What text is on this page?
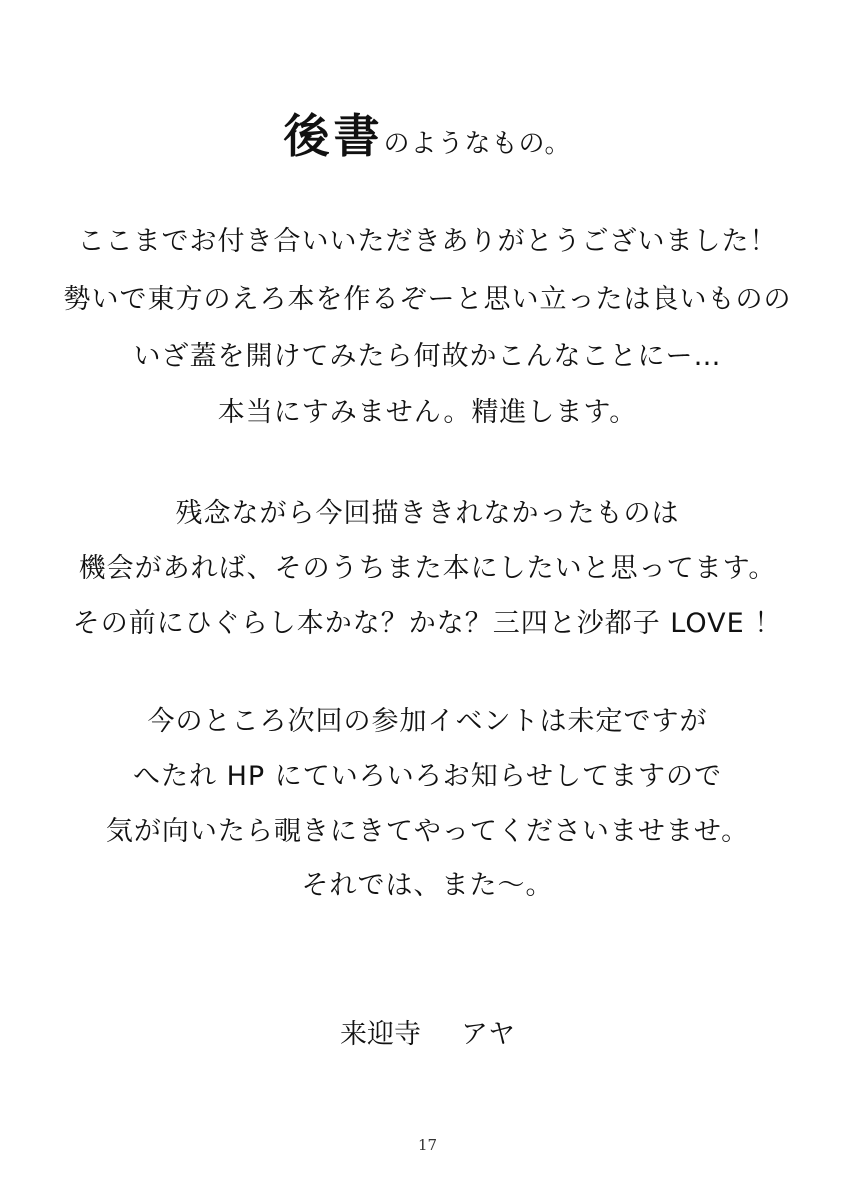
後書のようなもの。
ここまでお付き合いいただきありがとうございました！
勢いで東方のえろ本を作るぞーと思い立ったは良いものの
いざ蓋を開けてみたら何故かこんなことにー…
本当にすみません。精進します。
残念ながら今回描ききれなかったものは
機会があれば、そのうちまた本にしたいと思ってます。
その前にひぐらし本かな？かな？三四と沙都子 LOVE ！
今のところ次回の参加イベントは未定ですが
へたれ HP にていろいろお知らせしてますので
気が向いたら覗きにきてやってくださいませませ。
それでは、また～。
来迎寺 アヤ
17
